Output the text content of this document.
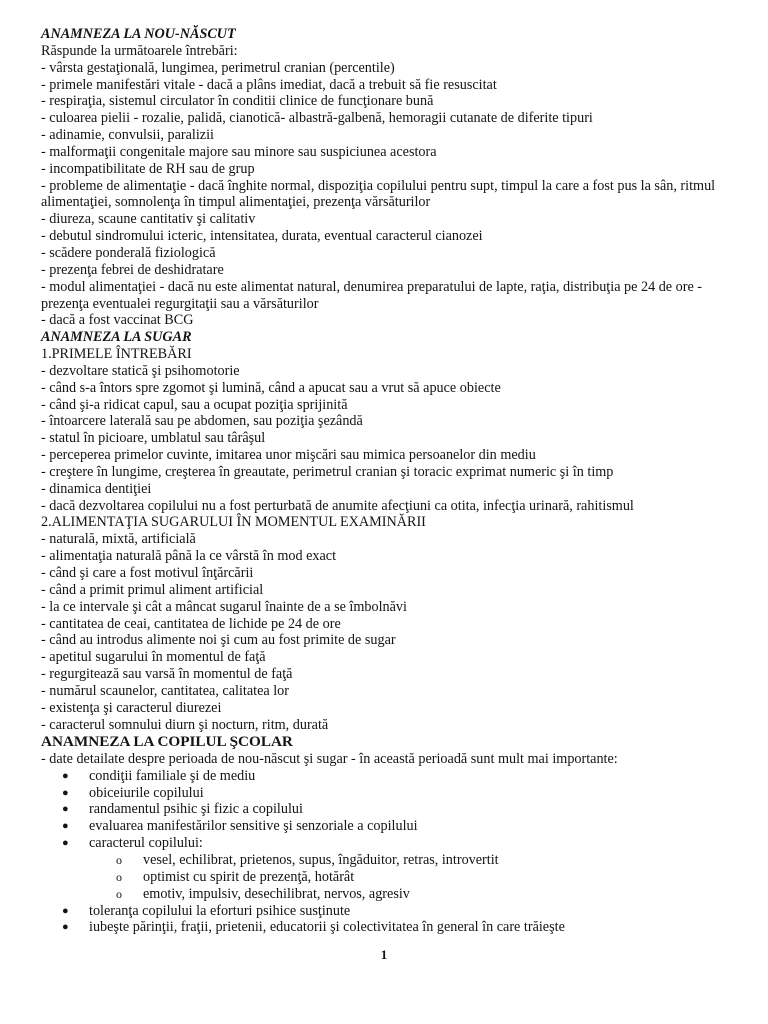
ANAMNEZA LA NOU-NĂSCUT
Răspunde la următoarele întrebări:
- vârsta gestaţională, lungimea, perimetrul cranian (percentile)
- primele manifestări vitale - dacă a plâns imediat, dacă a trebuit să fie resuscitat
- respiraţia, sistemul circulator în conditii clinice de funcţionare bună
- culoarea pielii - rozalie, palidă, cianotică- albastră-galbenă, hemoragii cutanate de diferite tipuri
- adinamie, convulsii, paralizii
- malformaţii congenitale majore sau minore sau suspiciunea acestora
- incompatibilitate de RH sau de grup
- probleme de alimentaţie - dacă înghite normal, dispoziţia copilului pentru supt, timpul la care a fost pus la sân, ritmul alimentaţiei, somnolenţa în timpul alimentaţiei, prezenţa vărsăturilor
- diureza, scaune cantitativ şi calitativ
- debutul sindromului icteric, intensitatea, durata, eventual caracterul cianozei
- scădere ponderală fiziologică
- prezenţa febrei de deshidratare
- modul alimentaţiei - dacă nu este alimentat natural, denumirea preparatului de lapte, raţia, distribuţia pe 24 de ore - prezenţa eventualei regurgitaţii sau a vărsăturilor
- dacă a fost vaccinat BCG
ANAMNEZA LA SUGAR
1.PRIMELE ÎNTREBĂRI
- dezvoltare statică şi psihomotorie
- când s-a întors spre zgomot şi lumină, când a apucat sau a vrut să apuce obiecte
- când şi-a ridicat capul, sau a ocupat poziţia sprijinită
- întoarcere laterală sau pe abdomen, sau poziţia şezândă
- statul în picioare, umblatul sau târâşul
- perceperea primelor cuvinte, imitarea unor mişcări sau mimica persoanelor din mediu
- creştere în lungime, creşterea în greautate, perimetrul cranian şi toracic exprimat numeric şi în timp
- dinamica dentiţiei
- dacă dezvoltarea copilului nu a fost perturbată de anumite afecţiuni ca otita, infecţia urinară, rahitismul
2.ALIMENTAŢIA SUGARULUI ÎN MOMENTUL EXAMINĂRII
- naturală, mixtă, artificială
- alimentaţia naturală până la ce vârstă în mod exact
- când şi care a fost motivul înţărcării
- când a primit primul aliment artificial
- la ce intervale şi cât a mâncat sugarul înainte de a se îmbolnăvi
- cantitatea de ceai, cantitatea de lichide pe 24 de ore
- când au introdus alimente noi şi cum au fost primite de sugar
- apetitul sugarului în momentul de faţă
- regurgitează sau varsă în momentul de faţă
- numărul scaunelor, cantitatea, calitatea lor
- existenţa şi caracterul diurezei
- caracterul somnului diurn şi nocturn, ritm, durată
ANAMNEZA LA COPILUL ŞCOLAR
- date detailate despre perioada de nou-născut şi sugar - în această perioadă sunt mult mai importante:
● condiţii familiale şi de mediu
● obiceiurile copilului
● randamentul psihic şi fizic a copilului
● evaluarea manifestărilor sensitive şi senzoriale a copilului
● caracterul copilului:
o vesel, echilibrat, prietenos, supus, îngăduitor, retras, introvertit
o optimist cu spirit de prezenţă, hotărât
o emotiv, impulsiv, desechilibrat, nervos, agresiv
● toleranţa copilului la eforturi psihice susţinute
● iubeşte părinţii, fraţii, prietenii, educatorii şi colectivitatea în general în care trăieşte
1
